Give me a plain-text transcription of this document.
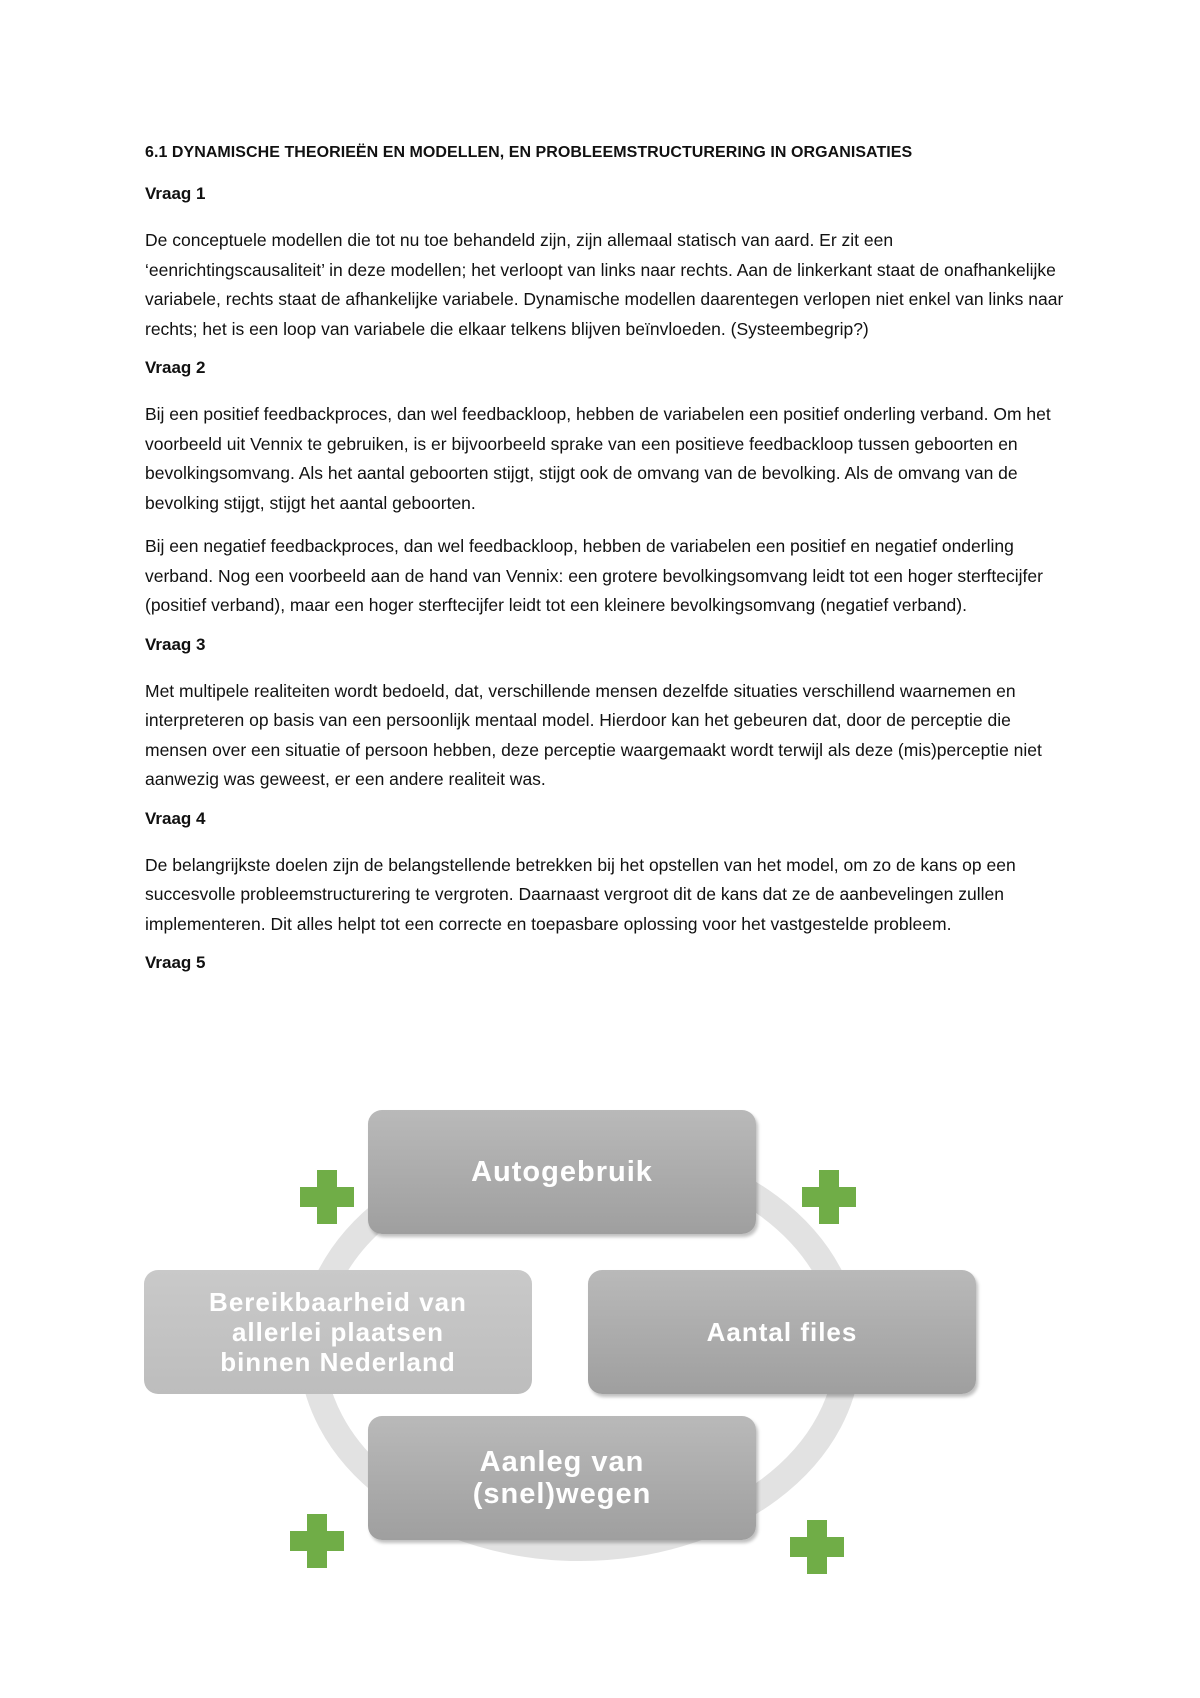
6.1 DYNAMISCHE THEORIEËN EN MODELLEN, EN PROBLEEMSTRUCTURERING IN ORGANISATIES

Vraag 1

De conceptuele modellen die tot nu toe behandeld zijn, zijn allemaal statisch van aard. Er zit een ‘eenrichtingscausaliteit’ in deze modellen; het verloopt van links naar rechts. Aan de linkerkant staat de onafhankelijke variabele, rechts staat de afhankelijke variabele. Dynamische modellen daarentegen verlopen niet enkel van links naar rechts; het is een loop van variabele die elkaar telkens blijven beïnvloeden. (Systeembegrip?)

Vraag 2

Bij een positief feedbackproces, dan wel feedbackloop, hebben de variabelen een positief onderling verband. Om het voorbeeld uit Vennix te gebruiken, is er bijvoorbeeld sprake van een positieve feedbackloop tussen geboorten en bevolkingsomvang. Als het aantal geboorten stijgt, stijgt ook de omvang van de bevolking. Als de omvang van de bevolking stijgt, stijgt het aantal geboorten.

Bij een negatief feedbackproces, dan wel feedbackloop, hebben de variabelen een positief en negatief onderling verband. Nog een voorbeeld aan de hand van Vennix: een grotere bevolkingsomvang leidt tot een hoger sterftecijfer (positief verband), maar een hoger sterftecijfer leidt tot een kleinere bevolkingsomvang (negatief verband).

Vraag 3

Met multipele realiteiten wordt bedoeld, dat, verschillende mensen dezelfde situaties verschillend waarnemen en interpreteren op basis van een persoonlijk mentaal model. Hierdoor kan het gebeuren dat, door de perceptie die mensen over een situatie of persoon hebben, deze perceptie waargemaakt wordt terwijl als deze (mis)perceptie niet aanwezig was geweest, er een andere realiteit was.

Vraag 4

De belangrijkste doelen zijn de belangstellende betrekken bij het opstellen van het model, om zo de kans op een succesvolle probleemstructurering te vergroten. Daarnaast vergroot dit de kans dat ze de aanbevelingen zullen implementeren. Dit alles helpt tot een correcte en toepasbare oplossing voor het vastgestelde probleem.

Vraag 5

Autogebruik
Aantal files
Aanleg van
(snel)wegen
Bereikbaarheid van
allerlei plaatsen
binnen Nederland
